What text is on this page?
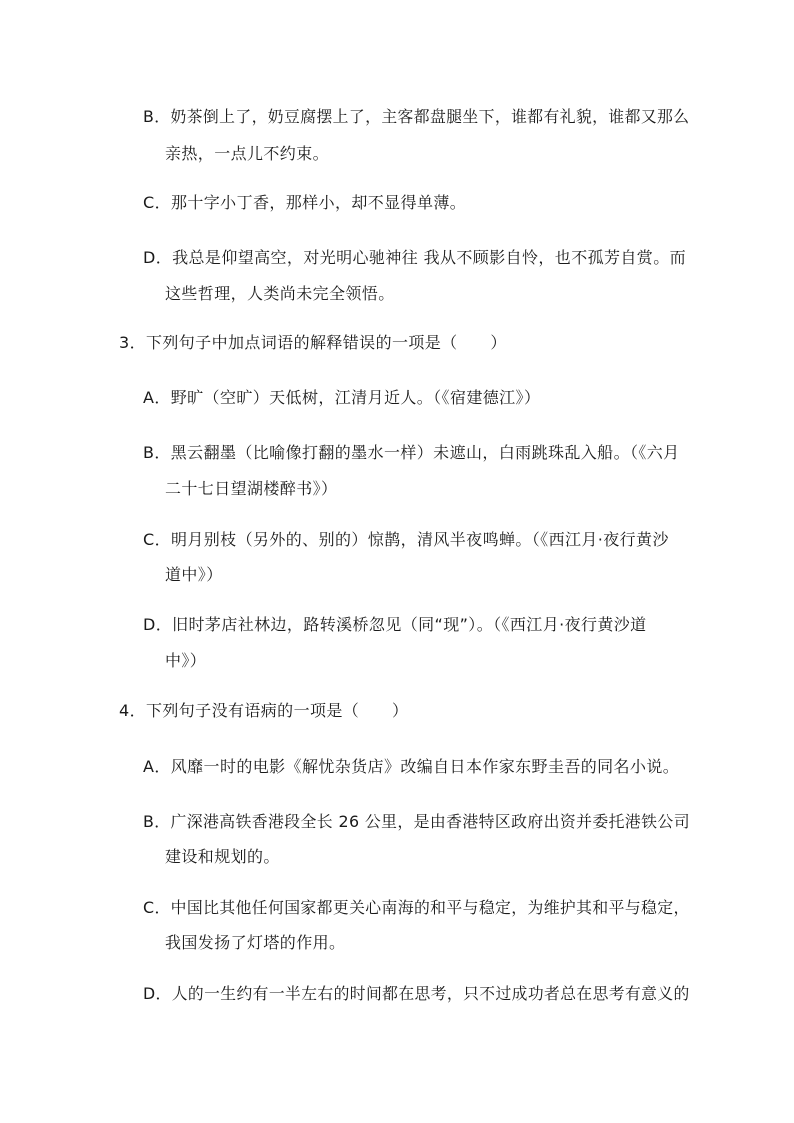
B．奶茶倒上了，奶豆腐摆上了，主客都盘腿坐下，谁都有礼貌，谁都又那么
亲热，一点儿不约束。
C．那十字小丁香，那样小，却不显得单薄。
D．我总是仰望高空，对光明心驰神往 我从不顾影自怜，也不孤芳自赏。而
这些哲理，人类尚未完全领悟。
3．下列句子中加点词语的解释错误的一项是（　　）
A．野旷（空旷）天低树，江清月近人。（《宿建德江》）
B．黑云翻墨（比喻像打翻的墨水一样）未遮山，白雨跳珠乱入船。（《六月
二十七日望湖楼醉书》）
C．明月别枝（另外的、别的）惊鹊，清风半夜鸣蝉。（《西江月·夜行黄沙
道中》）
D．旧时茅店社林边，路转溪桥忽见（同“现”）。（《西江月·夜行黄沙道
中》）
4．下列句子没有语病的一项是（　　）
A．风靡一时的电影《解忧杂货店》改编自日本作家东野圭吾的同名小说。
B．广深港高铁香港段全长 26 公里，是由香港特区政府出资并委托港铁公司
建设和规划的。
C．中国比其他任何国家都更关心南海的和平与稳定，为维护其和平与稳定，
我国发扬了灯塔的作用。
D．人的一生约有一半左右的时间都在思考，只不过成功者总在思考有意义的
